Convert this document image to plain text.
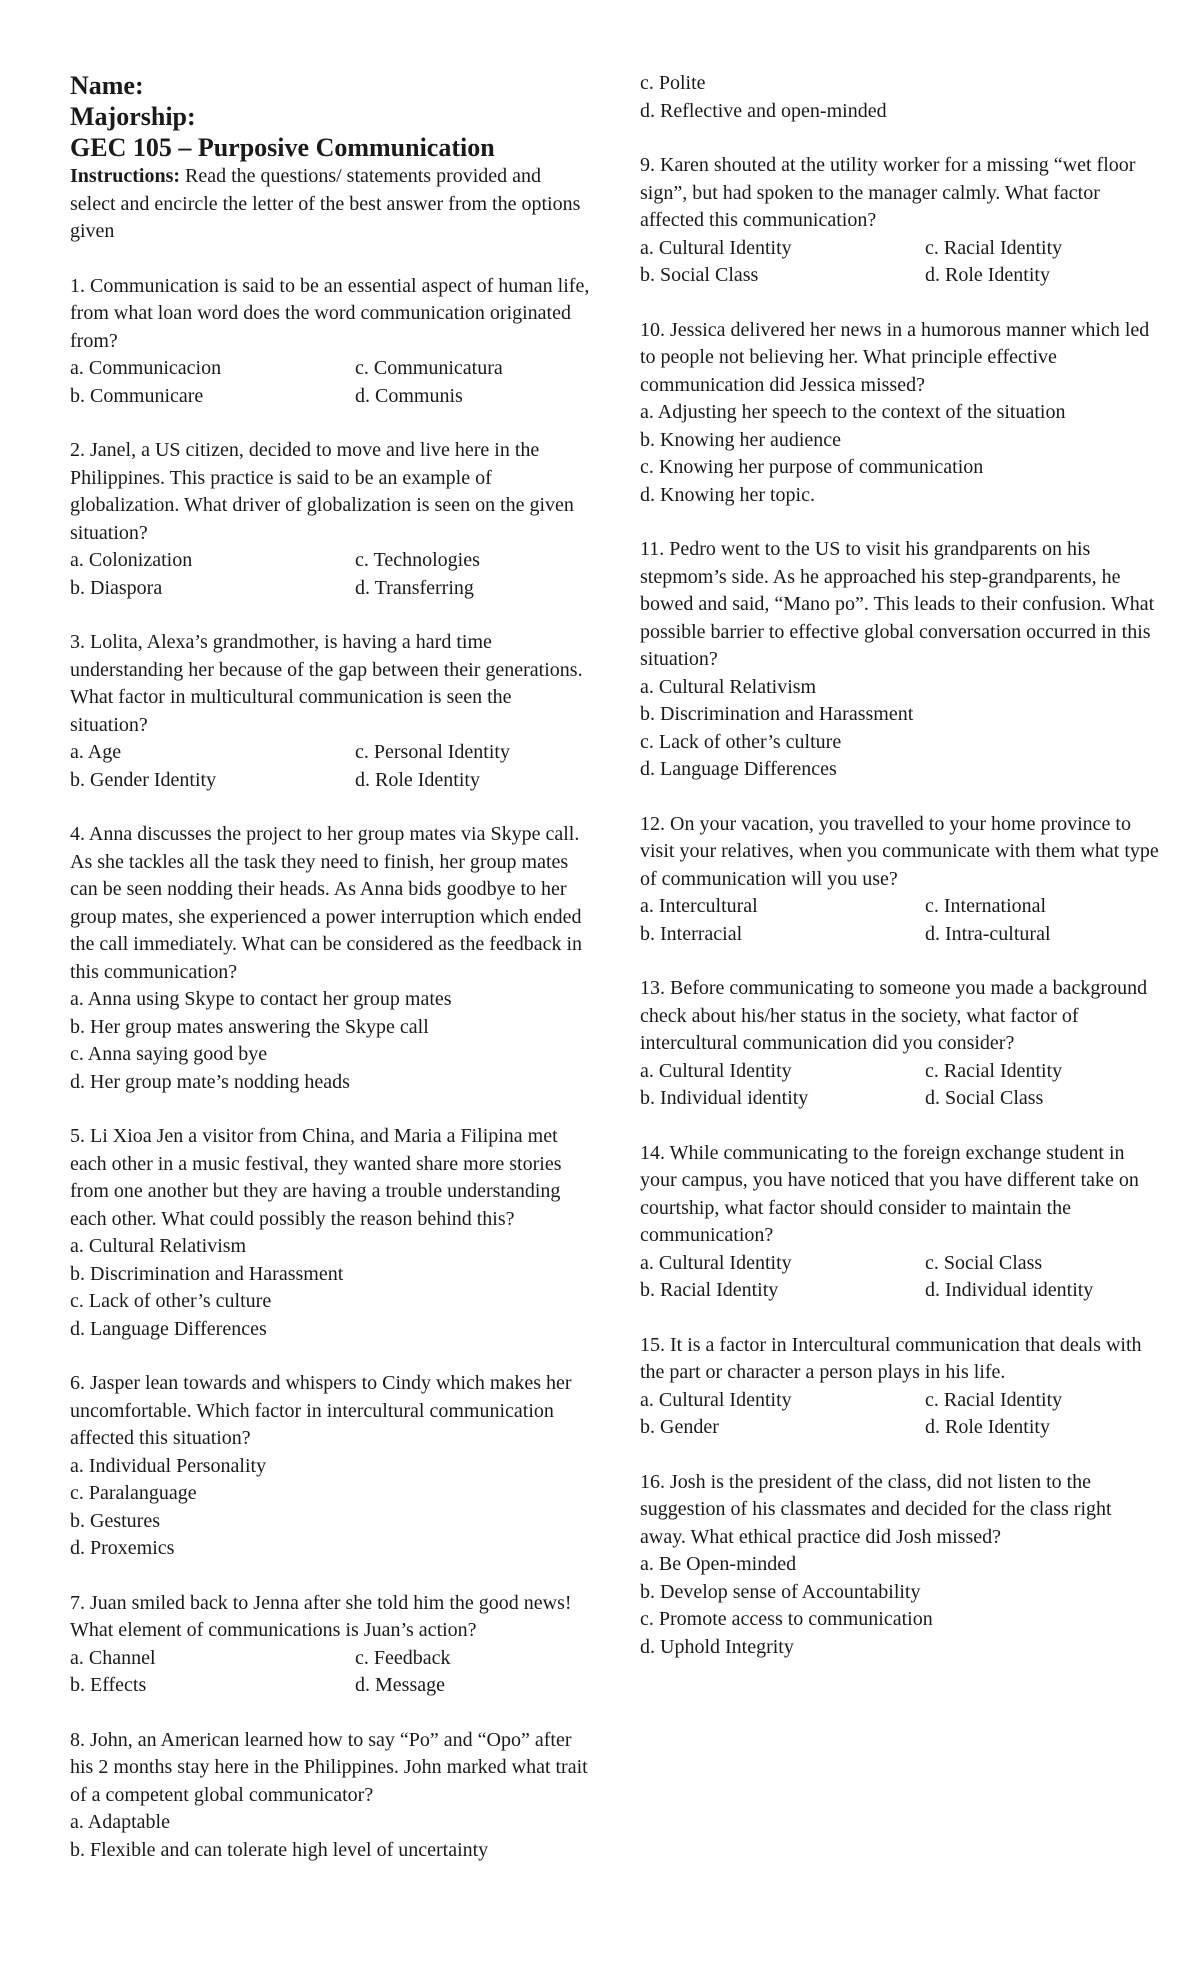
Name:
Majorship:
GEC 105 – Purposive Communication
Instructions: Read the questions/ statements provided and select and encircle the letter of the best answer from the options given
1. Communication is said to be an essential aspect of human life, from what loan word does the word communication originated from?
a. Communicacion	c. Communicatura
b. Communicare	d. Communis
2. Janel, a US citizen, decided to move and live here in the Philippines. This practice is said to be an example of globalization. What driver of globalization is seen on the given situation?
a. Colonization	c. Technologies
b. Diaspora	d. Transferring
3. Lolita, Alexa’s grandmother, is having a hard time understanding her because of the gap between their generations. What factor in multicultural communication is seen the situation?
a. Age	c. Personal Identity
b. Gender Identity	d. Role Identity
4. Anna discusses the project to her group mates via Skype call. As she tackles all the task they need to finish, her group mates can be seen nodding their heads. As Anna bids goodbye to her group mates, she experienced a power interruption which ended the call immediately. What can be considered as the feedback in this communication?
a. Anna using Skype to contact her group mates
b. Her group mates answering the Skype call
c. Anna saying good bye
d. Her group mate’s nodding heads
5. Li Xioa Jen a visitor from China, and Maria a Filipina met each other in a music festival, they wanted share more stories from one another but they are having a trouble understanding each other. What could possibly the reason behind this?
a. Cultural Relativism
b. Discrimination and Harassment
c. Lack of other’s culture
d. Language Differences
6. Jasper lean towards and whispers to Cindy which makes her uncomfortable. Which factor in intercultural communication affected this situation?
a. Individual Personality
c. Paralanguage
b. Gestures
d. Proxemics
7. Juan smiled back to Jenna after she told him the good news! What element of communications is Juan’s action?
a. Channel	c. Feedback
b. Effects	d. Message
8. John, an American learned how to say “Po” and “Opo” after his 2 months stay here in the Philippines. John marked what trait of a competent global communicator?
a. Adaptable
b. Flexible and can tolerate high level of uncertainty
c. Polite
d. Reflective and open-minded
9. Karen shouted at the utility worker for a missing “wet floor sign”, but had spoken to the manager calmly. What factor affected this communication?
a. Cultural Identity	c. Racial Identity
b. Social Class	d. Role Identity
10. Jessica delivered her news in a humorous manner which led to people not believing her. What principle effective communication did Jessica missed?
a. Adjusting her speech to the context of the situation
b. Knowing her audience
c. Knowing her purpose of communication
d. Knowing her topic.
11. Pedro went to the US to visit his grandparents on his stepmom’s side. As he approached his step-grandparents, he bowed and said, “Mano po”. This leads to their confusion. What possible barrier to effective global conversation occurred in this situation?
a. Cultural Relativism
b. Discrimination and Harassment
c. Lack of other’s culture
d. Language Differences
12. On your vacation, you travelled to your home province to visit your relatives, when you communicate with them what type of communication will you use?
a. Intercultural	c. International
b. Interracial	d. Intra-cultural
13. Before communicating to someone you made a background check about his/her status in the society, what factor of intercultural communication did you consider?
a. Cultural Identity	c. Racial Identity
b. Individual identity	d. Social Class
14. While communicating to the foreign exchange student in your campus, you have noticed that you have different take on courtship, what factor should consider to maintain the communication?
a. Cultural Identity	c. Social Class
b. Racial Identity	d. Individual identity
15. It is a factor in Intercultural communication that deals with the part or character a person plays in his life.
a. Cultural Identity	c. Racial Identity
b. Gender	d. Role Identity
16. Josh is the president of the class, did not listen to the suggestion of his classmates and decided for the class right away. What ethical practice did Josh missed?
a. Be Open-minded
b. Develop sense of Accountability
c. Promote access to communication
d. Uphold Integrity
